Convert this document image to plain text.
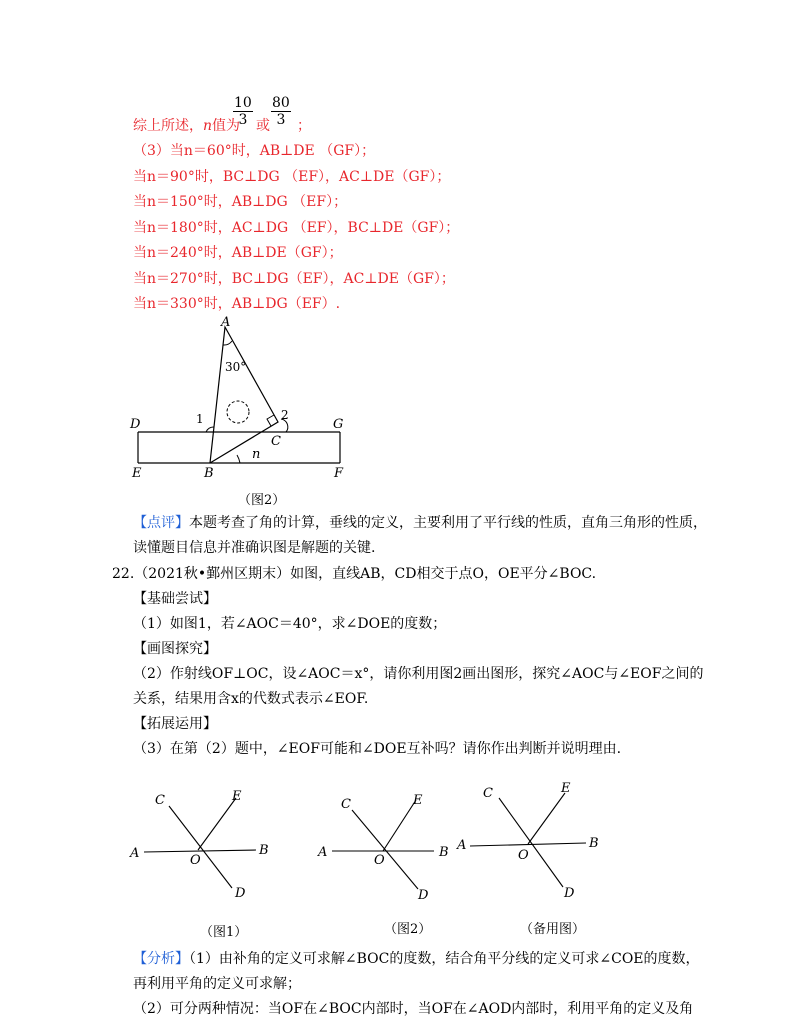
综上所述，n值为
$\frac{10}{3}$ 或 $\frac{80}{3}$ ；
（3）当n＝60°时，AB⊥DE （GF）；
当n＝90°时，BC⊥DG （EF），AC⊥DE（GF）；
当n＝150°时，AB⊥DG （EF）；
当n＝180°时，AC⊥DG （EF），BC⊥DE（GF）；
当n＝240°时，AB⊥DE（GF）；
当n＝270°时，BC⊥DG（EF），AC⊥DE（GF）；
当n＝330°时，AB⊥DG（EF）.
A
30°
1	2
C
D	G
E	B
n
F
（图2）
【点评】本题考查了角的计算，垂线的定义，主要利用了平行线的性质，直角三角形的性质，
读懂题目信息并准确识图是解题的关键.
22.（2021秋•鄞州区期末）如图，直线AB，CD相交于点O，OE平分∠BOC.
【基础尝试】
（1）如图1，若∠AOC＝40°，求∠DOE的度数；
【画图探究】
（2）作射线OF⊥OC，设∠AOC＝x°，请你利用图2画出图形，探究∠AOC与∠EOF之间的
关系，结果用含x的代数式表示∠EOF.
【拓展运用】
（3）在第（2）题中，∠EOF可能和∠DOE互补吗？请你作出判断并说明理由.
C	E
A	O
B
D
C	E
A
O
B
D
C	E
A
O
B
D
（图1）	（图2）	（备用图）
【分析】（1）由补角的定义可求解∠BOC的度数，结合角平分线的定义可求∠COE的度数，
再利用平角的定义可求解；
（2）可分两种情况：当OF在∠BOC内部时，当OF在∠AOD内部时，利用平角的定义及角
